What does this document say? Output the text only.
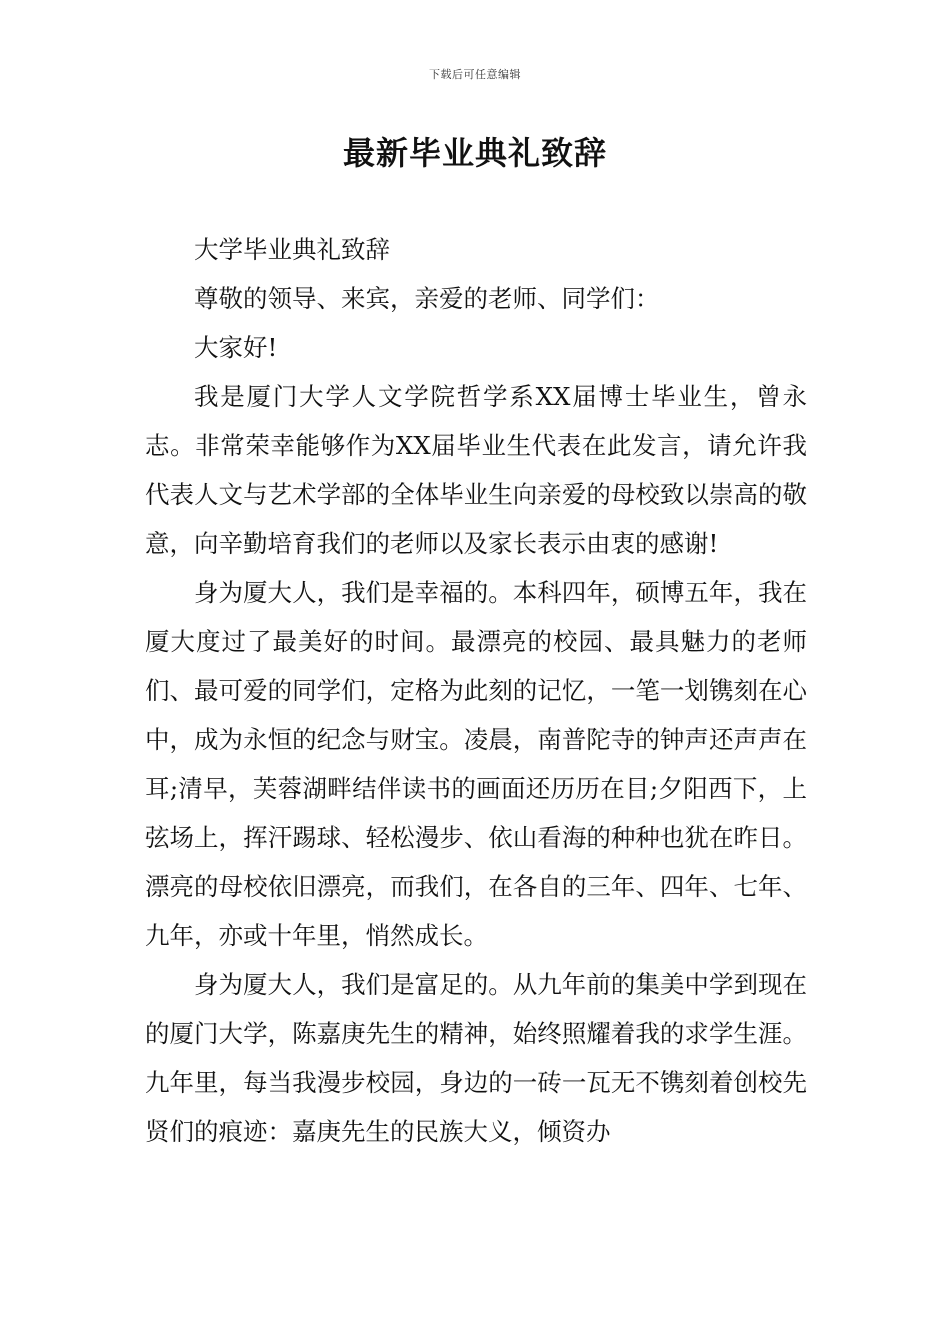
下载后可任意编辑
最新毕业典礼致辞

大学毕业典礼致辞

尊敬的领导、来宾，亲爱的老师、同学们：

大家好!

我是厦门大学人文学院哲学系XX届博士毕业生，曾永志。非常荣幸能够作为XX届毕业生代表在此发言，请允许我代表人文与艺术学部的全体毕业生向亲爱的母校致以崇高的敬意，向辛勤培育我们的老师以及家长表示由衷的感谢!

身为厦大人，我们是幸福的。本科四年，硕博五年，我在厦大度过了最美好的时间。最漂亮的校园、最具魅力的老师们、最可爱的同学们，定格为此刻的记忆，一笔一划镌刻在心中，成为永恒的纪念与财宝。凌晨，南普陀寺的钟声还声声在耳;清早，芙蓉湖畔结伴读书的画面还历历在目;夕阳西下，上弦场上，挥汗踢球、轻松漫步、依山看海的种种也犹在昨日。漂亮的母校依旧漂亮，而我们，在各自的三年、四年、七年、九年，亦或十年里，悄然成长。

身为厦大人，我们是富足的。从九年前的集美中学到现在的厦门大学，陈嘉庚先生的精神，始终照耀着我的求学生涯。九年里，每当我漫步校园，身边的一砖一瓦无不镌刻着创校先贤们的痕迹：嘉庚先生的民族大义，倾资办
